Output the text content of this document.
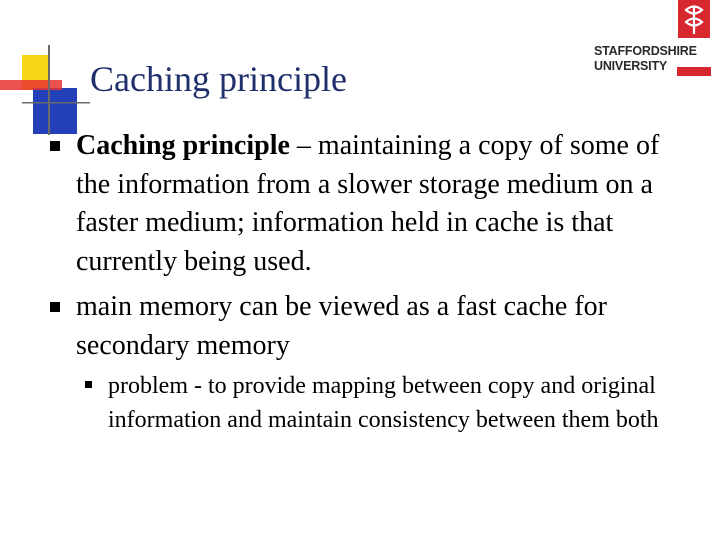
STAFFORDSHIRE
UNIVERSITY
Caching principle
Caching principle – maintaining a copy of some of the information from a slower storage medium on a faster medium; information held in cache is that currently being used.
main memory can be viewed as a fast cache for secondary memory
problem - to provide mapping between copy and original information and maintain consistency between them both
